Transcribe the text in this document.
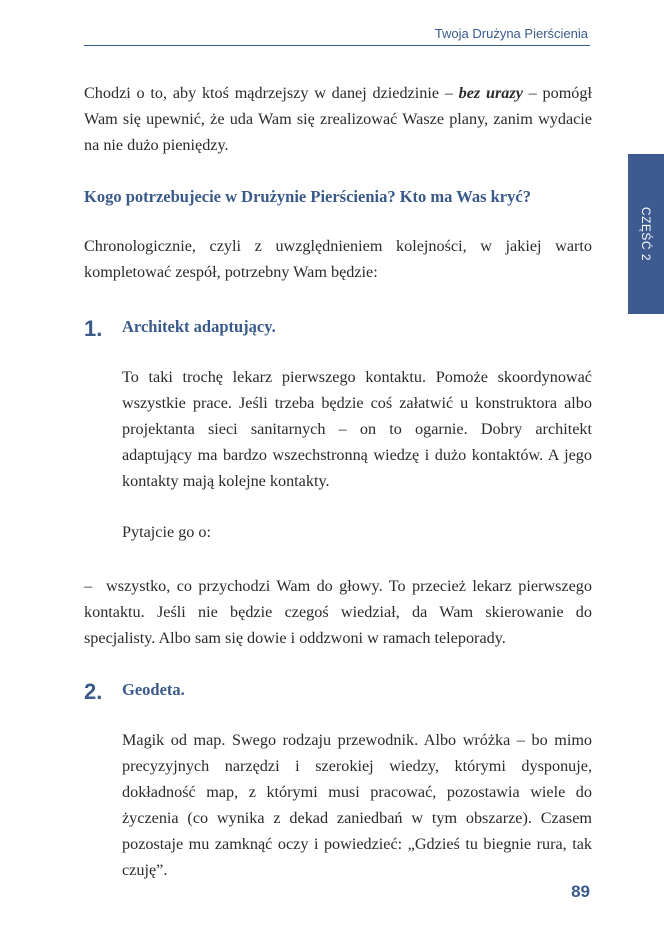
Twoja Drużyna Pierścienia
CZĘŚĆ 2

Chodzi o to, aby ktoś mądrzejszy w danej dziedzinie – bez urazy – pomógł Wam się upewnić, że uda Wam się zrealizować Wasze plany, zanim wydacie na nie dużo pieniędzy.

Kogo potrzebujecie w Drużynie Pierścienia? Kto ma Was kryć?

Chronologicznie, czyli z uwzględnieniem kolejności, w jakiej warto kompletować zespół, potrzebny Wam będzie:

1. Architekt adaptujący.

To taki trochę lekarz pierwszego kontaktu. Pomoże skoordynować wszystkie prace. Jeśli trzeba będzie coś załatwić u konstruktora albo projektanta sieci sanitarnych – on to ogarnie. Dobry architekt adaptujący ma bardzo wszechstronną wiedzę i dużo kontaktów. A jego kontakty mają kolejne kontakty.

Pytajcie go o:

– wszystko, co przychodzi Wam do głowy. To przecież lekarz pierwszego kontaktu. Jeśli nie będzie czegoś wiedział, da Wam skierowanie do specjalisty. Albo sam się dowie i oddzwoni w ramach teleporady.

2. Geodeta.

Magik od map. Swego rodzaju przewodnik. Albo wróżka – bo mimo precyzyjnych narzędzi i szerokiej wiedzy, którymi dysponuje, dokładność map, z którymi musi pracować, pozostawia wiele do życzenia (co wynika z dekad zaniedbań w tym obszarze). Czasem pozostaje mu zamknąć oczy i powiedzieć: „Gdzieś tu biegnie rura, tak czuję”.

89
